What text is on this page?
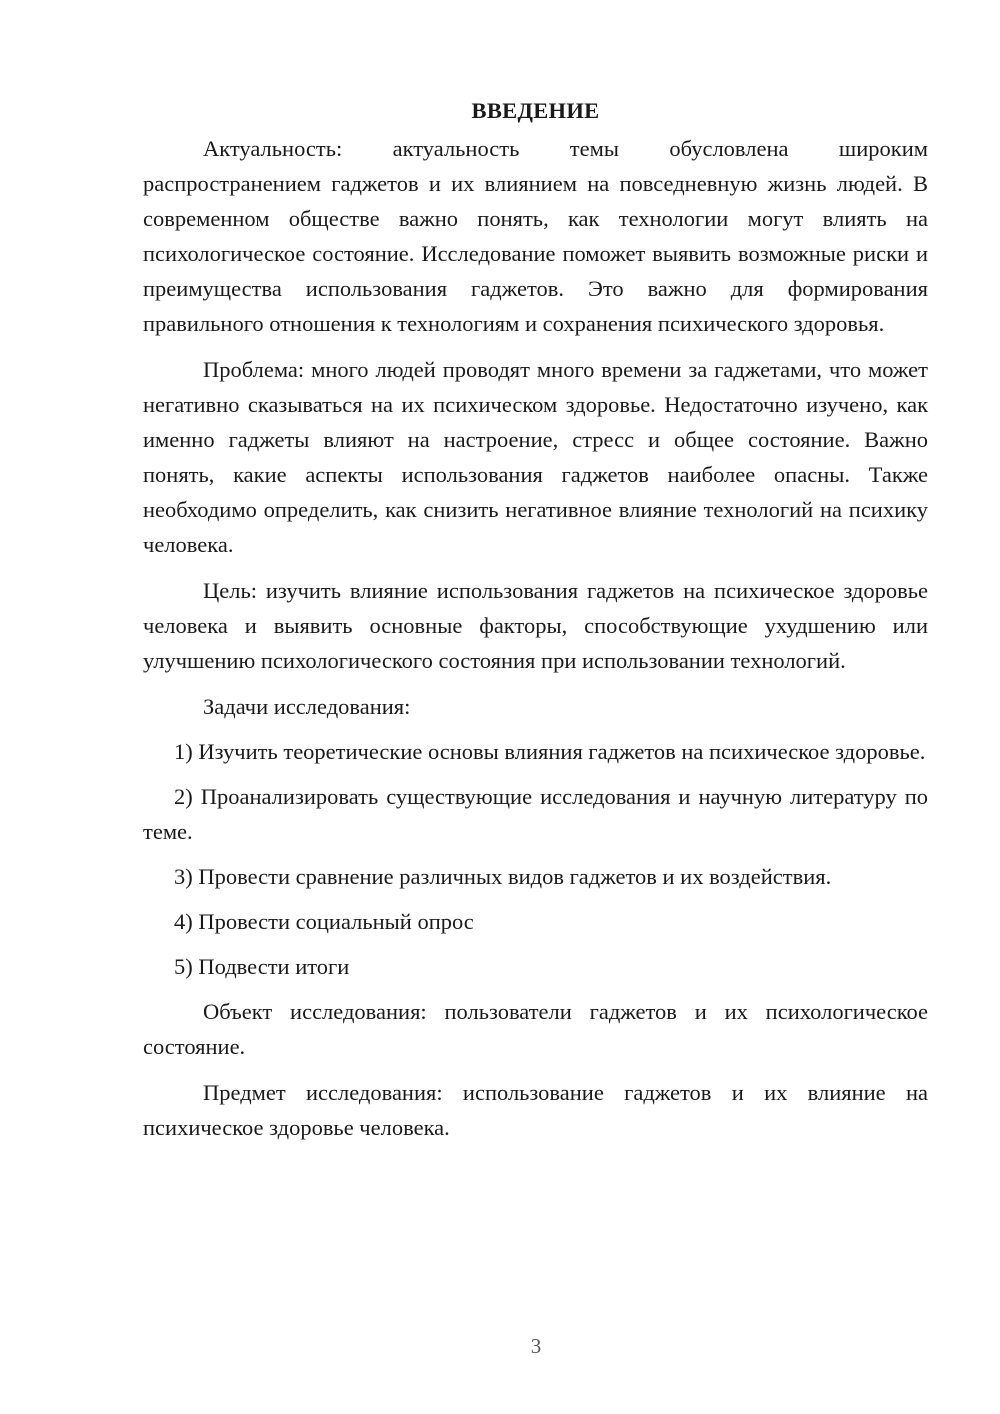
ВВЕДЕНИЕ

Актуальность: актуальность темы обусловлена широким распространением гаджетов и их влиянием на повседневную жизнь людей. В современном обществе важно понять, как технологии могут влиять на психологическое состояние. Исследование поможет выявить возможные риски и преимущества использования гаджетов. Это важно для формирования правильного отношения к технологиям и сохранения психического здоровья.

Проблема: много людей проводят много времени за гаджетами, что может негативно сказываться на их психическом здоровье. Недостаточно изучено, как именно гаджеты влияют на настроение, стресс и общее состояние. Важно понять, какие аспекты использования гаджетов наиболее опасны. Также необходимо определить, как снизить негативное влияние технологий на психику человека.

Цель: изучить влияние использования гаджетов на психическое здоровье человека и выявить основные факторы, способствующие ухудшению или улучшению психологического состояния при использовании технологий.

Задачи исследования:

1) Изучить теоретические основы влияния гаджетов на психическое здоровье.

2) Проанализировать существующие исследования и научную литературу по теме.

3) Провести сравнение различных видов гаджетов и их воздействия.

4) Провести социальный опрос

5) Подвести итоги

Объект исследования: пользователи гаджетов и их психологическое состояние.

Предмет исследования: использование гаджетов и их влияние на психическое здоровье человека.

3
